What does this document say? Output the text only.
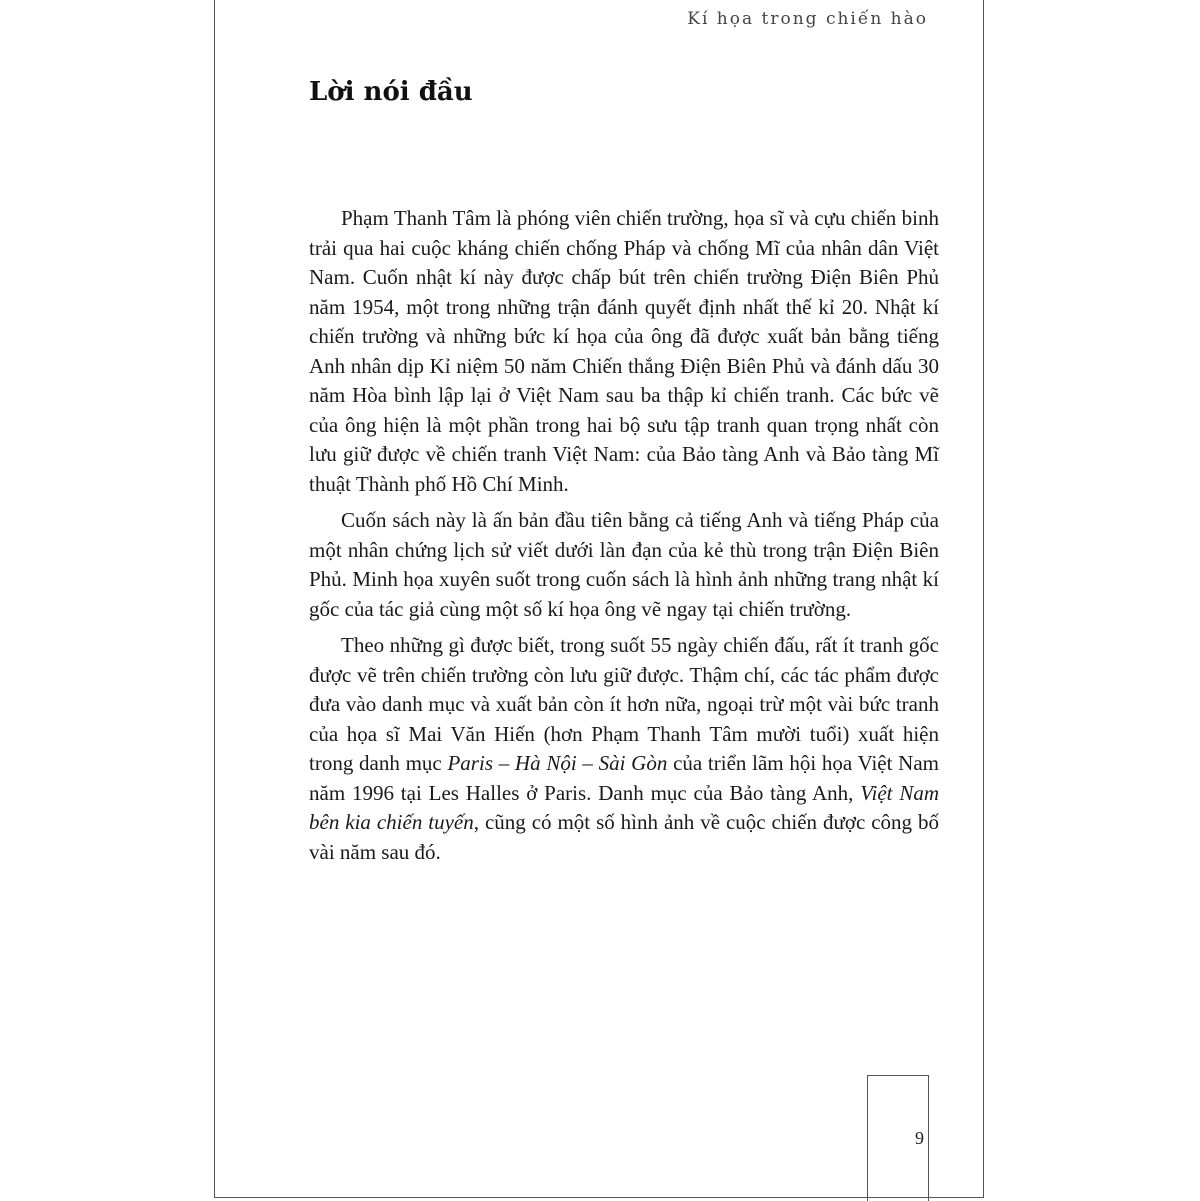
Kí họa trong chiến hào
Lời nói đầu

Phạm Thanh Tâm là phóng viên chiến trường, họa sĩ và cựu chiến binh trải qua hai cuộc kháng chiến chống Pháp và chống Mĩ của nhân dân Việt Nam. Cuốn nhật kí này được chấp bút trên chiến trường Điện Biên Phủ năm 1954, một trong những trận đánh quyết định nhất thế kỉ 20. Nhật kí chiến trường và những bức kí họa của ông đã được xuất bản bằng tiếng Anh nhân dịp Kỉ niệm 50 năm Chiến thắng Điện Biên Phủ và đánh dấu 30 năm Hòa bình lập lại ở Việt Nam sau ba thập kỉ chiến tranh. Các bức vẽ của ông hiện là một phần trong hai bộ sưu tập tranh quan trọng nhất còn lưu giữ được về chiến tranh Việt Nam: của Bảo tàng Anh và Bảo tàng Mĩ thuật Thành phố Hồ Chí Minh.

Cuốn sách này là ấn bản đầu tiên bằng cả tiếng Anh và tiếng Pháp của một nhân chứng lịch sử viết dưới làn đạn của kẻ thù trong trận Điện Biên Phủ. Minh họa xuyên suốt trong cuốn sách là hình ảnh những trang nhật kí gốc của tác giả cùng một số kí họa ông vẽ ngay tại chiến trường.

Theo những gì được biết, trong suốt 55 ngày chiến đấu, rất ít tranh gốc được vẽ trên chiến trường còn lưu giữ được. Thậm chí, các tác phẩm được đưa vào danh mục và xuất bản còn ít hơn nữa, ngoại trừ một vài bức tranh của họa sĩ Mai Văn Hiến (hơn Phạm Thanh Tâm mười tuổi) xuất hiện trong danh mục Paris – Hà Nội – Sài Gòn của triển lãm hội họa Việt Nam năm 1996 tại Les Halles ở Paris. Danh mục của Bảo tàng Anh, Việt Nam bên kia chiến tuyến, cũng có một số hình ảnh về cuộc chiến được công bố vài năm sau đó.

9
